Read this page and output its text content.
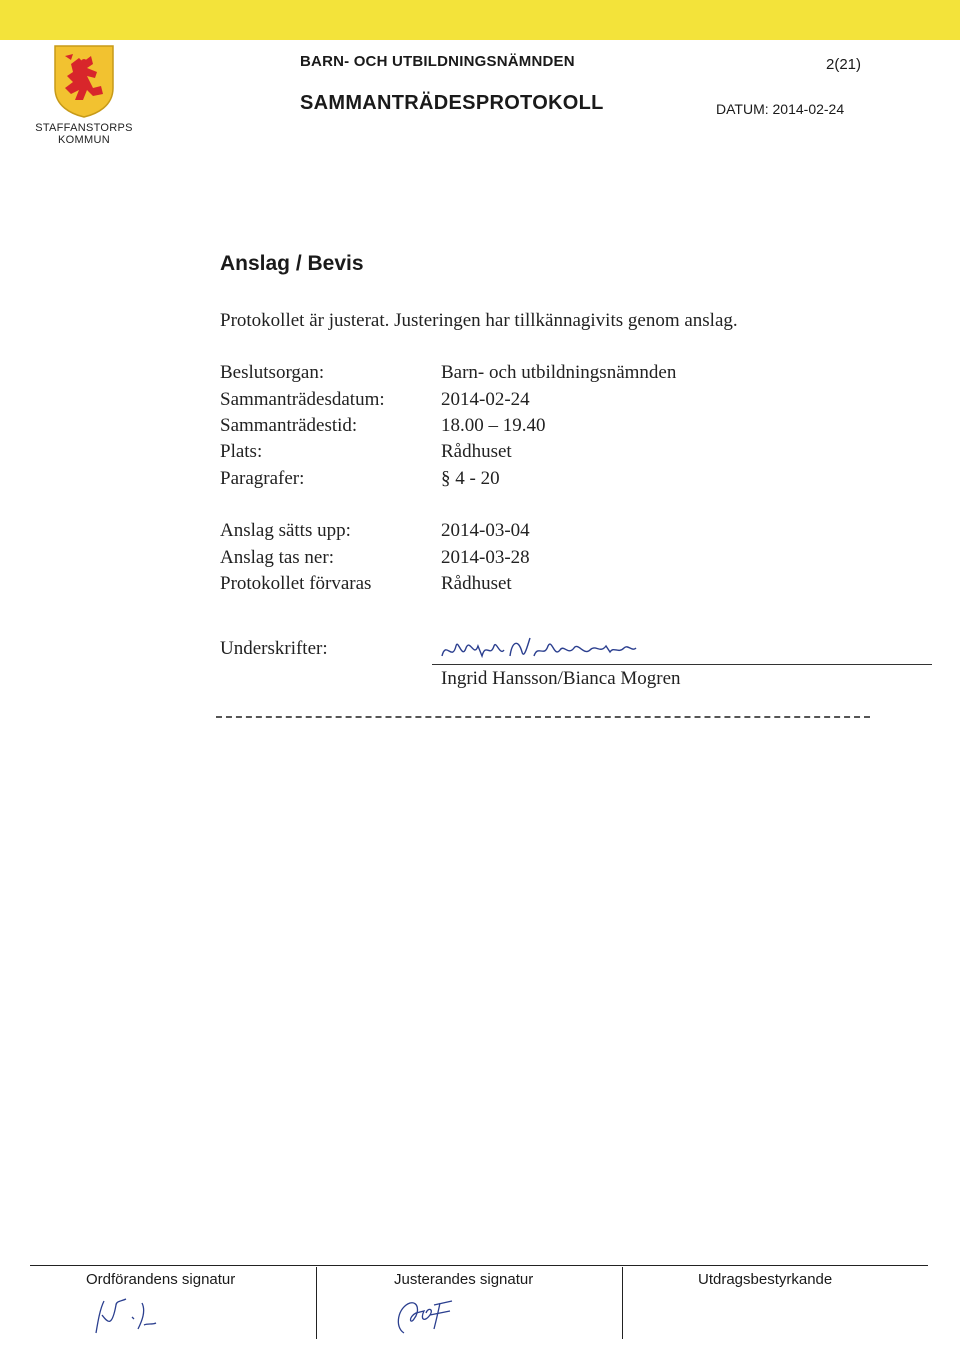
STAFFANSTORPS
KOMMUN
BARN- OCH UTBILDNINGSNÄMNDEN	2(21)
SAMMANTRÄDESPROTOKOLL	DATUM: 2014-02-24
Anslag / Bevis
Protokollet är justerat. Justeringen har tillkännagivits genom anslag.
Beslutsorgan:	Barn- och utbildningsnämnden
Sammanträdesdatum:	2014-02-24
Sammanträdestid:	18.00 – 19.40
Plats:	Rådhuset
Paragrafer:	§ 4 - 20
Anslag sätts upp:	2014-03-04
Anslag tas ner:	2014-03-28
Protokollet förvaras	Rådhuset
Underskrifter:
Ingrid Hansson/Bianca Mogren
Ordförandens signatur	Justerandes signatur	Utdragsbestyrkande
